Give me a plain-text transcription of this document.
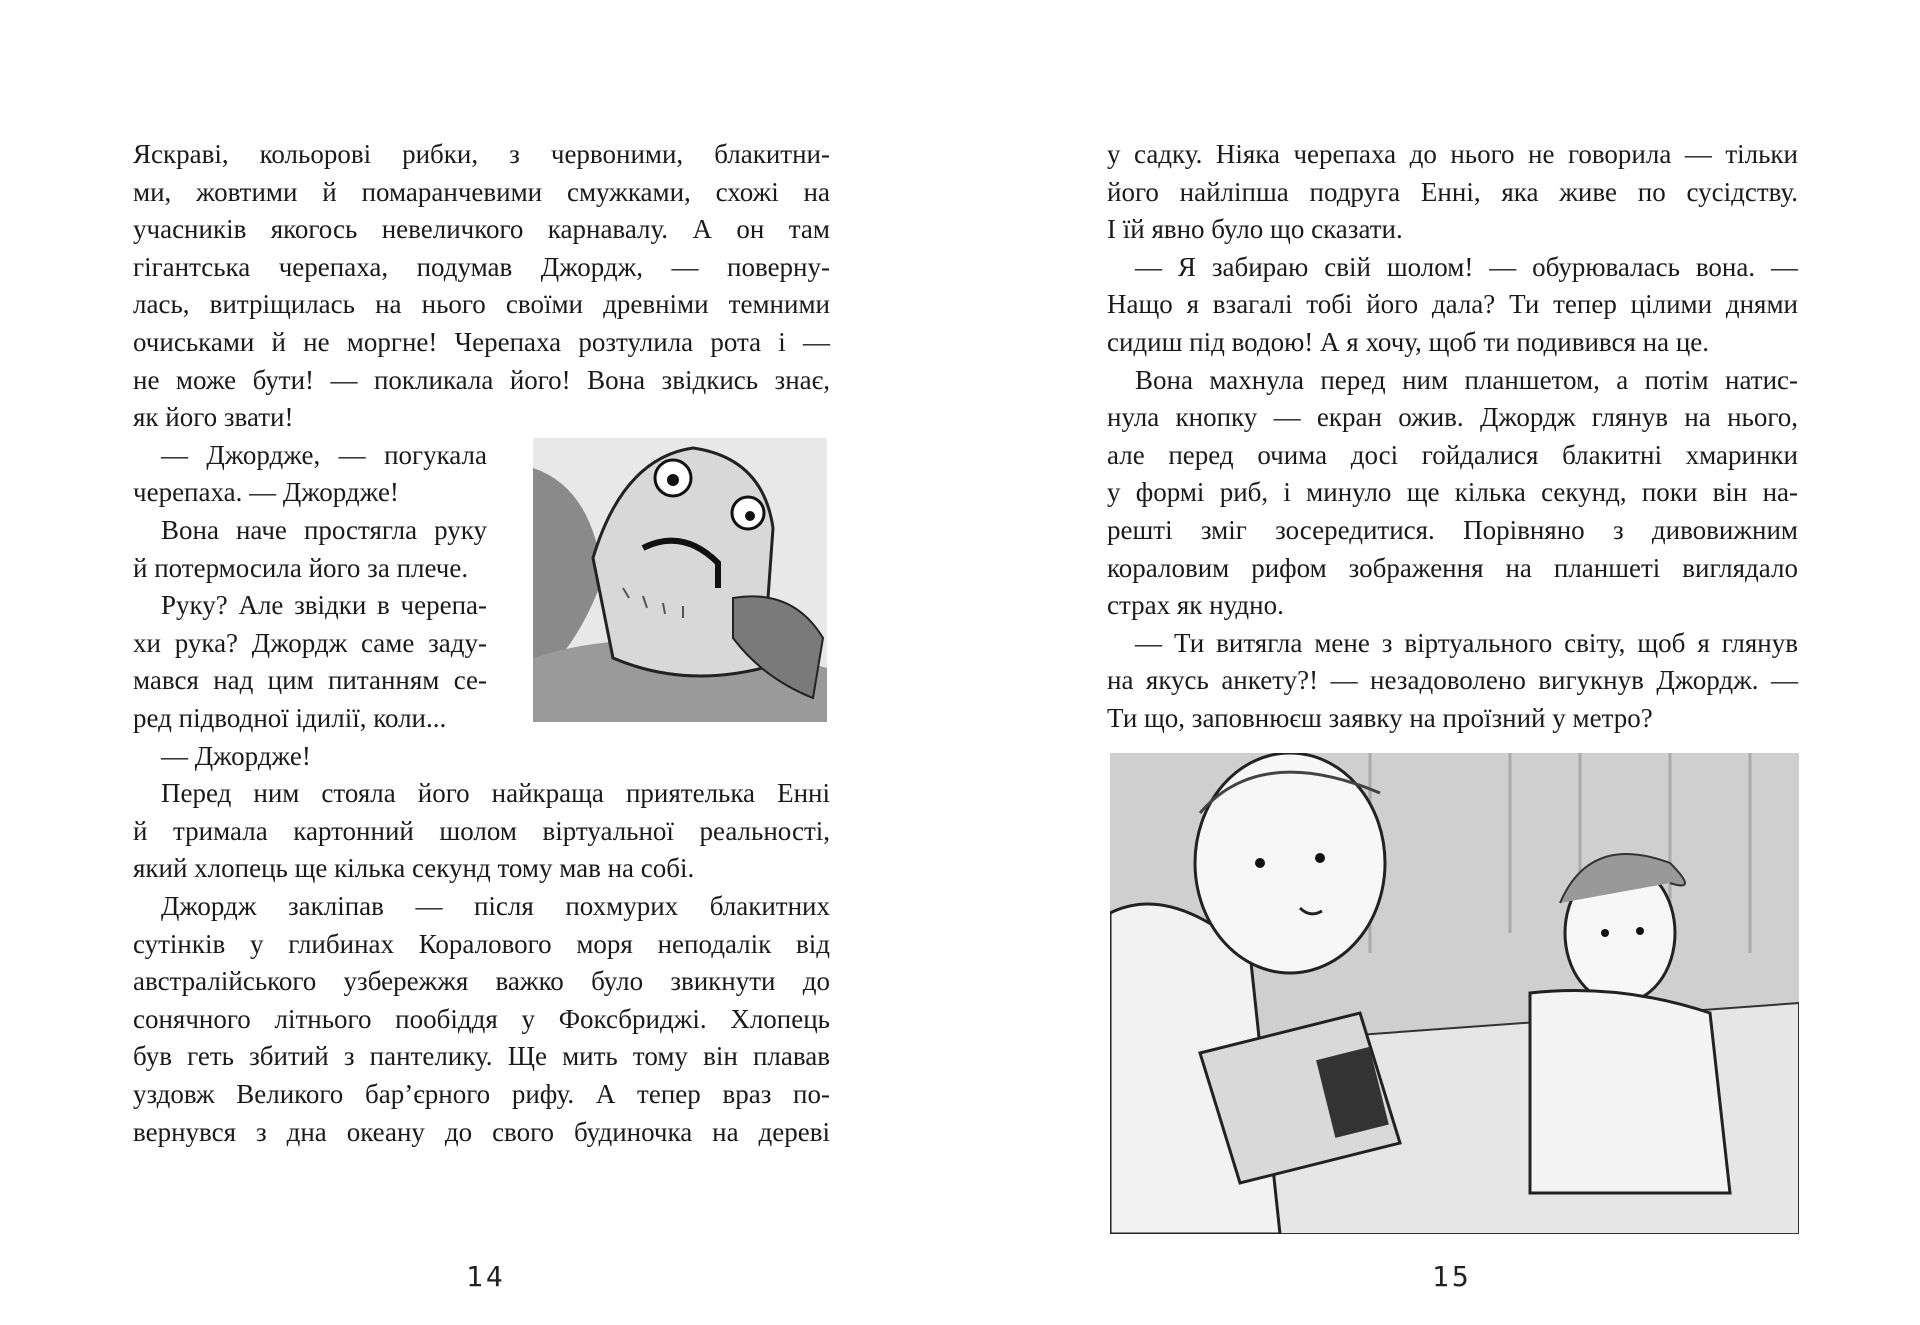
Яскраві, кольорові рибки, з червоними, блакитни-
ми, жовтими й помаранчевими смужками, схожі на
учасників якогось невеличкого карнавалу. А он там
гігантська черепаха, подумав Джордж, — поверну-
лась, витріщилась на нього своїми древніми темними
очиськами й не моргне! Черепаха розтулила рота і —
не може бути! — покликала його! Вона звідкись знає,
як його звати!
— Джордже, — погукала
черепаха. — Джордже!
Вона наче простягла руку
й потермосила його за плече.
Руку? Але звідки в черепа-
хи рука? Джордж саме заду-
мався над цим питанням се-
ред підводної ідилії, коли...
— Джордже!
Перед ним стояла його найкраща приятелька Енні
й тримала картонний шолом віртуальної реальності,
який хлопець ще кілька секунд тому мав на собі.
Джордж закліпав — після похмурих блакитних
сутінків у глибинах Коралового моря неподалік від
австралійського узбережжя важко було звикнути до
сонячного літнього пообіддя у Фоксбриджі. Хлопець
був геть збитий з пантелику. Ще мить тому він плавав
уздовж Великого бар’єрного рифу. А тепер враз по-
вернувся з дна океану до свого будиночка на дереві
у садку. Ніяка черепаха до нього не говорила — тільки
його найліпша подруга Енні, яка живе по сусідству.
І їй явно було що сказати.
— Я забираю свій шолом! — обурювалась вона. —
Нащо я взагалі тобі його дала? Ти тепер цілими днями
сидиш під водою! А я хочу, щоб ти подивився на це.
Вона махнула перед ним планшетом, а потім натис-
нула кнопку — екран ожив. Джордж глянув на нього,
але перед очима досі гойдалися блакитні хмаринки
у формі риб, і минуло ще кілька секунд, поки він на-
решті зміг зосередитися. Порівняно з дивовижним
кораловим рифом зображення на планшеті виглядало
страх як нудно.
— Ти витягла мене з віртуального світу, щоб я глянув
на якусь анкету?! — незадоволено вигукнув Джордж. —
Ти що, заповнюєш заявку на проїзний у метро?
14	15
